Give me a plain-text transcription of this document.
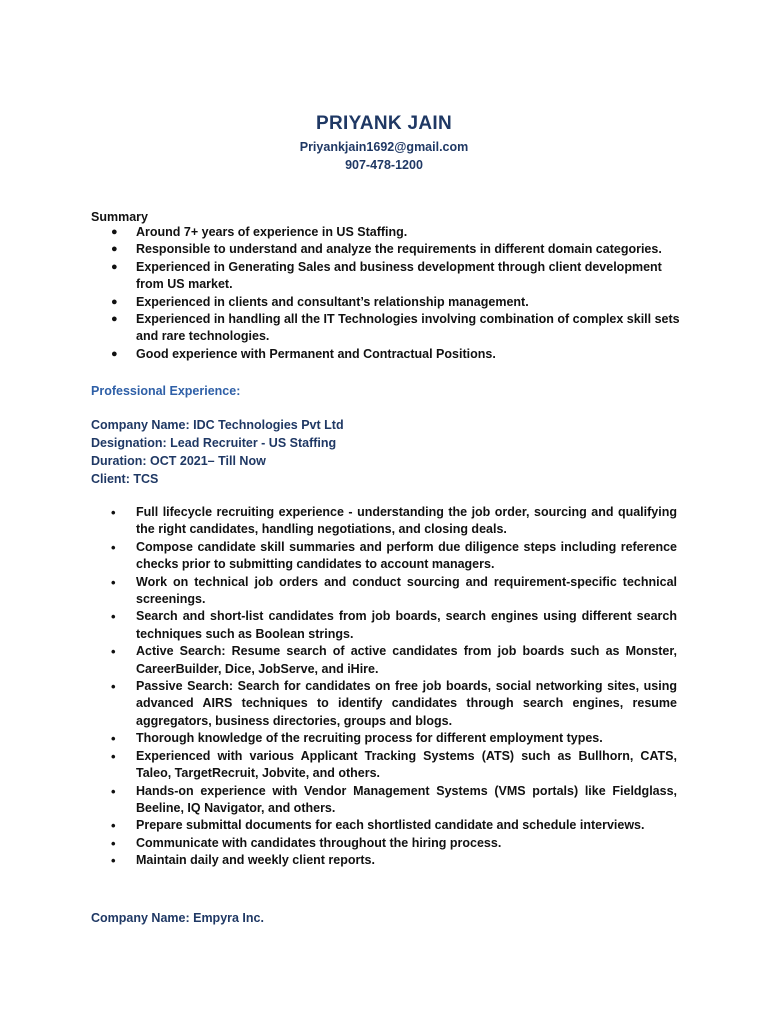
PRIYANK JAIN
Priyankjain1692@gmail.com
907-478-1200
Summary
● Around 7+ years of experience in US Staffing.
● Responsible to understand and analyze the requirements in different domain categories.
● Experienced in Generating Sales and business development through client development from US market.
● Experienced in clients and consultant’s relationship management.
● Experienced in handling all the IT Technologies involving combination of complex skill sets and rare technologies.
● Good experience with Permanent and Contractual Positions.
Professional Experience:
Company Name: IDC Technologies Pvt Ltd
Designation: Lead Recruiter - US Staffing
Duration: OCT 2021– Till Now
Client: TCS
• Full lifecycle recruiting experience - understanding the job order, sourcing and qualifying the right candidates, handling negotiations, and closing deals.
• Compose candidate skill summaries and perform due diligence steps including reference checks prior to submitting candidates to account managers.
• Work on technical job orders and conduct sourcing and requirement-specific technical screenings.
• Search and short-list candidates from job boards, search engines using different search techniques such as Boolean strings.
• Active Search: Resume search of active candidates from job boards such as Monster, CareerBuilder, Dice, JobServe, and iHire.
• Passive Search: Search for candidates on free job boards, social networking sites, using advanced AIRS techniques to identify candidates through search engines, resume aggregators, business directories, groups and blogs.
• Thorough knowledge of the recruiting process for different employment types.
• Experienced with various Applicant Tracking Systems (ATS) such as Bullhorn, CATS, Taleo, TargetRecruit, Jobvite, and others.
• Hands-on experience with Vendor Management Systems (VMS portals) like Fieldglass, Beeline, IQ Navigator, and others.
• Prepare submittal documents for each shortlisted candidate and schedule interviews.
• Communicate with candidates throughout the hiring process.
• Maintain daily and weekly client reports.
Company Name: Empyra Inc.
